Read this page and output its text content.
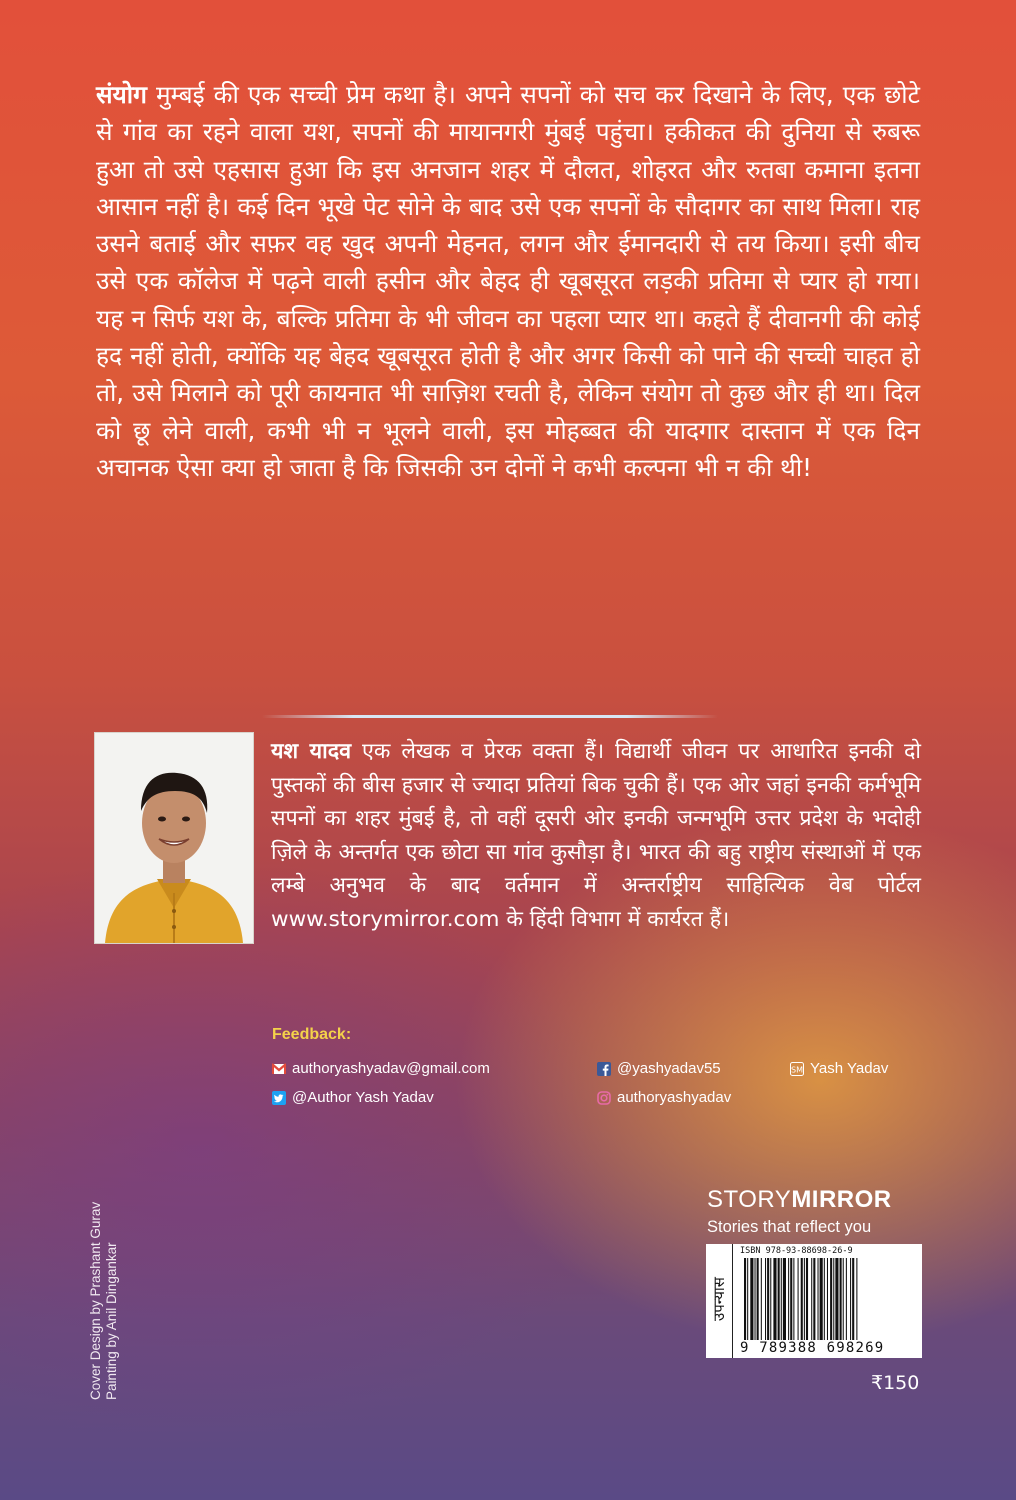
संयोग मुम्बई की एक सच्ची प्रेम कथा है। अपने सपनों को सच कर दिखाने के लिए, एक छोटे से गांव का रहने वाला यश, सपनों की मायानगरी मुंबई पहुंचा। हकीकत की दुनिया से रुबरू हुआ तो उसे एहसास हुआ कि इस अनजान शहर में दौलत, शोहरत और रुतबा कमाना इतना आसान नहीं है। कई दिन भूखे पेट सोने के बाद उसे एक सपनों के सौदागर का साथ मिला। राह उसने बताई और सफ़र वह खुद अपनी मेहनत, लगन और ईमानदारी से तय किया। इसी बीच उसे एक कॉलेज में पढ़ने वाली हसीन और बेहद ही खूबसूरत लड़की प्रतिमा से प्यार हो गया। यह न सिर्फ यश के, बल्कि प्रतिमा के भी जीवन का पहला प्यार था। कहते हैं दीवानगी की कोई हद नहीं होती, क्योंकि यह बेहद खूबसूरत होती है और अगर किसी को पाने की सच्ची चाहत हो तो, उसे मिलाने को पूरी कायनात भी साज़िश रचती है, लेकिन संयोग तो कुछ और ही था। दिल को छू लेने वाली, कभी भी न भूलने वाली, इस मोहब्बत की यादगार दास्तान में एक दिन अचानक ऐसा क्या हो जाता है कि जिसकी उन दोनों ने कभी कल्पना भी न की थी!
यश यादव एक लेखक व प्रेरक वक्ता हैं। विद्यार्थी जीवन पर आधारित इनकी दो पुस्तकों की बीस हजार से ज्यादा प्रतियां बिक चुकी हैं। एक ओर जहां इनकी कर्मभूमि सपनों का शहर मुंबई है, तो वहीं दूसरी ओर इनकी जन्मभूमि उत्तर प्रदेश के भदोही ज़िले के अन्तर्गत एक छोटा सा गांव कुसौड़ा है। भारत की बहु राष्ट्रीय संस्थाओं में एक लम्बे अनुभव के बाद वर्तमान में अन्तर्राष्ट्रीय साहित्यिक वेब पोर्टल www.storymirror.com के हिंदी विभाग में कार्यरत हैं।
Feedback:
authoryashyadav@gmail.com	@yashyadav55	SM Yash Yadav
@Author Yash Yadav	authoryashyadav
Cover Design by Prashant Gurav Painting by Anil Dingankar
STORYMIRROR
Stories that reflect you
उपन्यास
ISBN 978-93-88698-26-9
9 789388 698269
₹150
